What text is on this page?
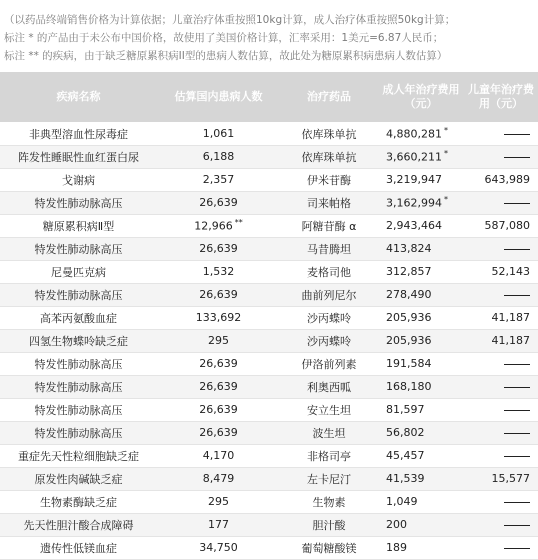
（以药品终端销售价格为计算依据；儿童治疗体重按照10kg计算，成人治疗体重按照50kg计算；
标注 * 的产品由于未公布中国价格，故使用了美国价格计算，汇率采用：1美元=6.87人民币；
标注 ** 的疾病，由于缺乏糖原累积病II型的患病人数估算，故此处为糖原累积病患病人数估算）
疾病名称	估算国内患病人数	治疗药品	成人年治疗费用（元）	儿童年治疗费用（元）
非典型溶血性尿毒症	1,061	依库珠单抗	4,880,281 *	
阵发性睡眠性血红蛋白尿	6,188	依库珠单抗	3,660,211 *	
戈谢病	2,357	伊米苷酶	3,219,947	643,989
特发性肺动脉高压	26,639	司来帕格	3,162,994 *	
糖原累积病Ⅱ型	12,966 **	阿糖苷酶 α	2,943,464	587,080
特发性肺动脉高压	26,639	马昔腾坦	413,824	
尼曼匹克病	1,532	麦格司他	312,857	52,143
特发性肺动脉高压	26,639	曲前列尼尔	278,490	
高苯丙氨酸血症	133,692	沙丙蝶呤	205,936	41,187
四氢生物蝶呤缺乏症	295	沙丙蝶呤	205,936	41,187
特发性肺动脉高压	26,639	伊洛前列素	191,584	
特发性肺动脉高压	26,639	利奥西呱	168,180	
特发性肺动脉高压	26,639	安立生坦	81,597	
特发性肺动脉高压	26,639	波生坦	56,802	
重症先天性粒细胞缺乏症	4,170	非格司亭	45,457	
原发性肉碱缺乏症	8,479	左卡尼汀	41,539	15,577
生物素酶缺乏症	295	生物素	1,049	
先天性胆汁酸合成障碍	177	胆汁酸	200	
遗传性低镁血症	34,750	葡萄糖酸镁	189	
